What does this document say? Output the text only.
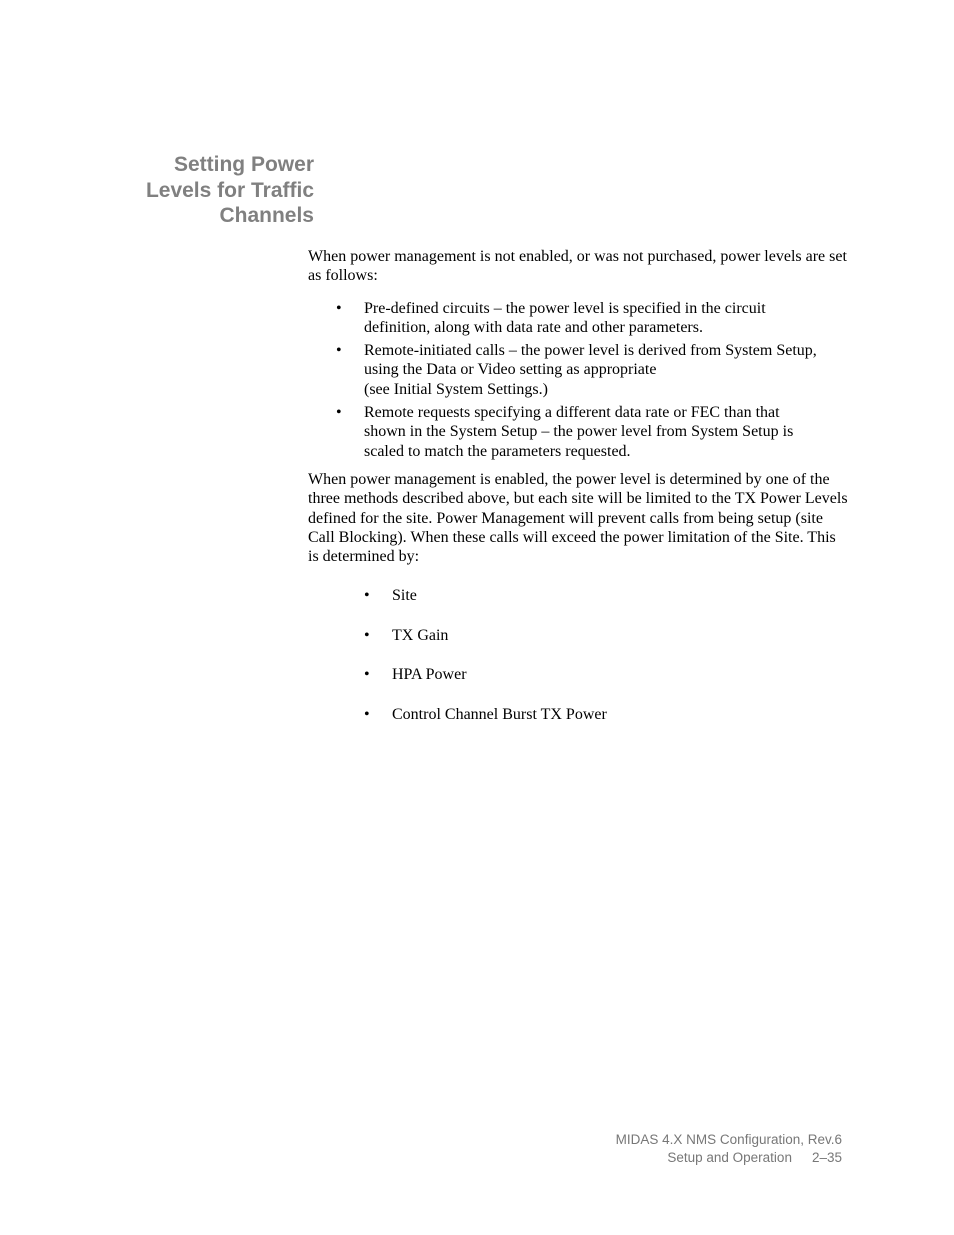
Setting Power
Levels for Traffic
Channels

When power management is not enabled, or was not purchased, power levels are set as follows:

• Pre-defined circuits – the power level is specified in the circuit
definition, along with data rate and other parameters.
• Remote-initiated calls – the power level is derived from System Setup,
using the Data or Video setting as appropriate
(see Initial System Settings.)
• Remote requests specifying a different data rate or FEC than that
shown in the System Setup – the power level from System Setup is
scaled to match the parameters requested.

When power management is enabled, the power level is determined by one of the three methods described above, but each site will be limited to the TX Power Levels defined for the site. Power Management will prevent calls from being setup (site Call Blocking). When these calls will exceed the power limitation of the Site. This is determined by:

• Site
• TX Gain
• HPA Power
• Control Channel Burst TX Power
MIDAS 4.X NMS Configuration, Rev.6
Setup and Operation 2–35
